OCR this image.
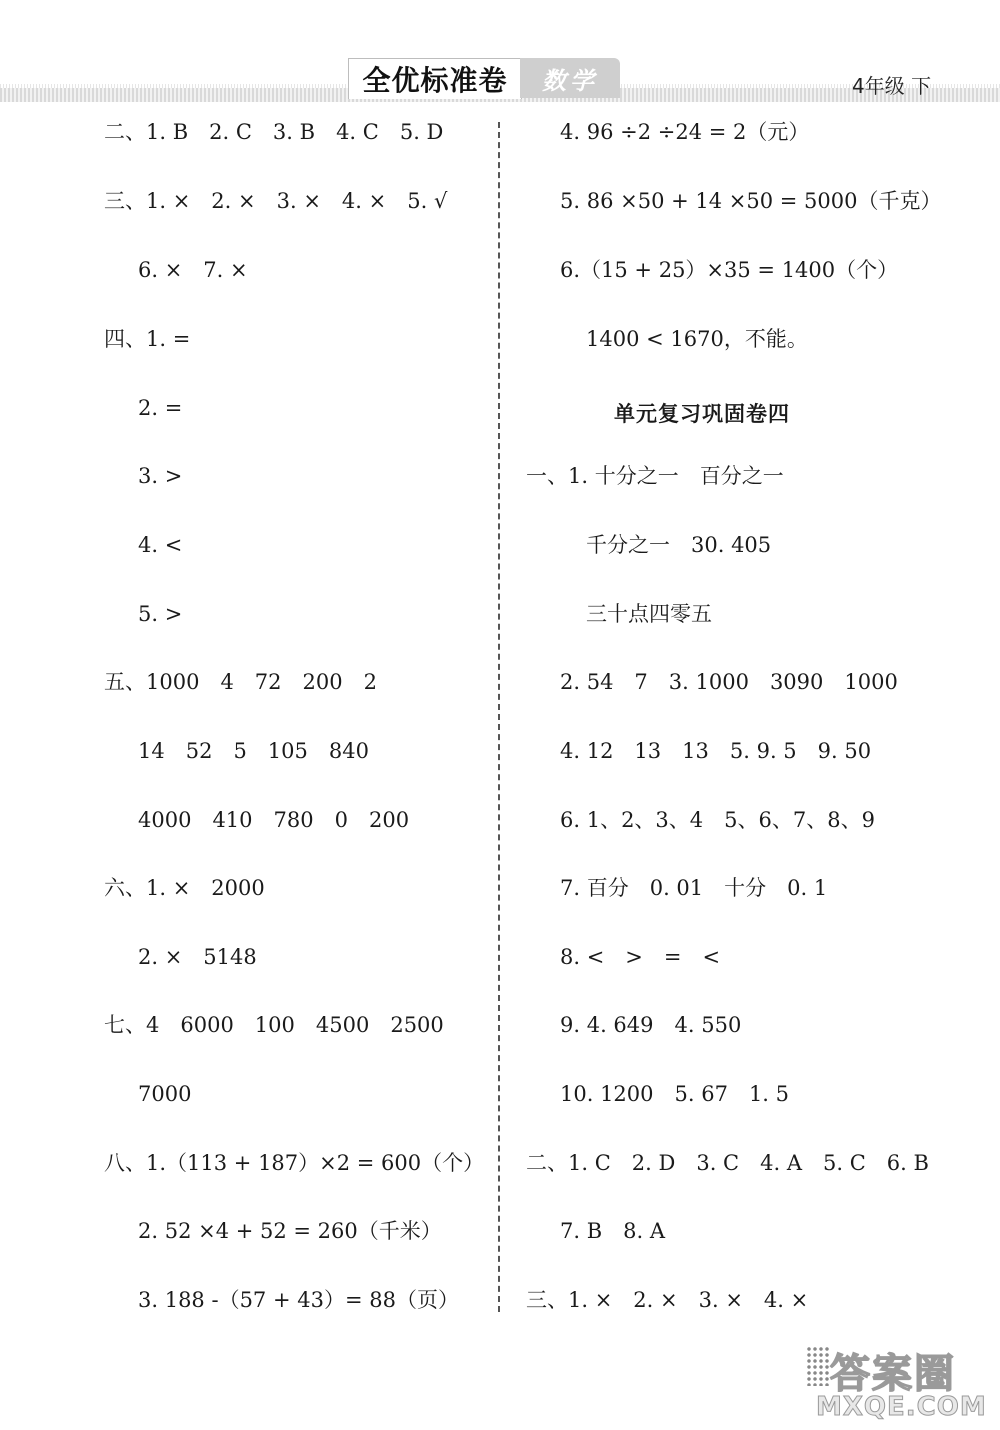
全优标准卷	数学	4年级 下
二、1. B　2. C　3. B　4. C　5. D
三、1. ×　2. ×　3. ×　4. ×　5. √
6. ×　7. ×
四、1. =
2. =
3. >
4. <
5. >
五、1000　4　72　200　2
14　52　5　105　840
4000　410　780　0　200
六、1. ×　2000
2. ×　5148
七、4　6000　100　4500　2500
7000
八、1.（113 + 187）×2 = 600（个）
2. 52 ×4 + 52 = 260（千米）
3. 188 -（57 + 43）= 88（页）
4. 96 ÷2 ÷24 = 2（元）
5. 86 ×50 + 14 ×50 = 5000（千克）
6.（15 + 25）×35 = 1400（个）
1400 < 1670，不能。
单元复习巩固卷四
一、1. 十分之一　百分之一
千分之一　30. 405
三十点四零五
2. 54　7　3. 1000　3090　1000
4. 12　13　13　5. 9. 5　9. 50
6. 1、2、3、4　5、6、7、8、9
7. 百分　0. 01　十分　0. 1
8. <　>　=　<
9. 4. 649　4. 550
10. 1200　5. 67　1. 5
二、1. C　2. D　3. C　4. A　5. C　6. B
7. B　8. A
三、1. ×　2. ×　3. ×　4. ×
答案圈
MXQE.COM
